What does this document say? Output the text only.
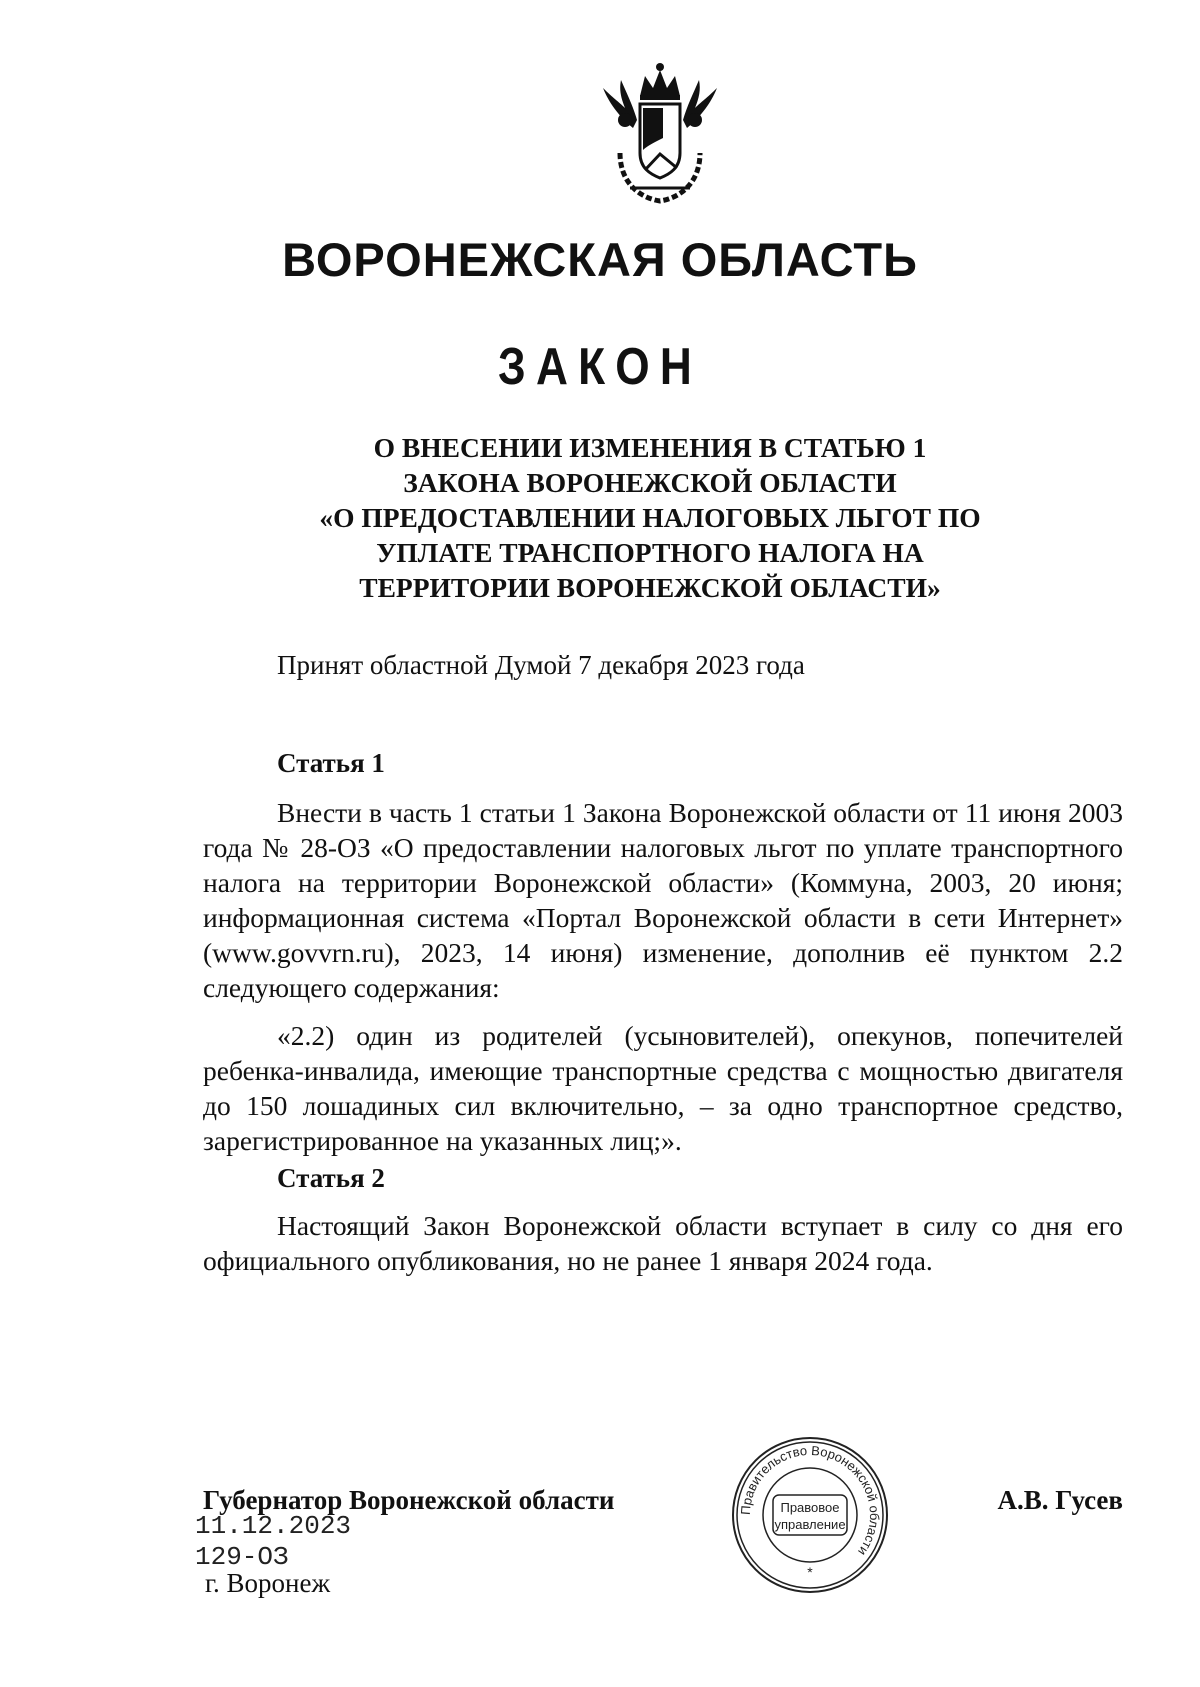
ВОРОНЕЖСКАЯ ОБЛАСТЬ
ЗАКОН
О ВНЕСЕНИИ ИЗМЕНЕНИЯ В СТАТЬЮ 1
ЗАКОНА ВОРОНЕЖСКОЙ ОБЛАСТИ
«О ПРЕДОСТАВЛЕНИИ НАЛОГОВЫХ ЛЬГОТ ПО
УПЛАТЕ ТРАНСПОРТНОГО НАЛОГА НА
ТЕРРИТОРИИ ВОРОНЕЖСКОЙ ОБЛАСТИ»
Принят областной Думой 7 декабря 2023 года
Статья 1

Внести в часть 1 статьи 1 Закона Воронежской области от 11 июня 2003 года № 28-ОЗ «О предоставлении налоговых льгот по уплате транспортного налога на территории Воронежской области» (Коммуна, 2003, 20 июня; информационная система «Портал Воронежской области в сети Интернет» (www.govvrn.ru), 2023, 14 июня) изменение, дополнив её пунктом 2.2 следующего содержания:

«2.2) один из родителей (усыновителей), опекунов, попечителей ребенка-инвалида, имеющие транспортные средства с мощностью двигателя до 150 лошадиных сил включительно, – за одно транспортное средство, зарегистрированное на указанных лиц;».

Статья 2

Настоящий Закон Воронежской области вступает в силу со дня его официального опубликования, но не ранее 1 января 2024 года.

Губернатор Воронежской области	А.В. Гусев
11.12.2023
129-ОЗ
г. Воронеж
Правительство Воронежской области
Правовое
управление
*
